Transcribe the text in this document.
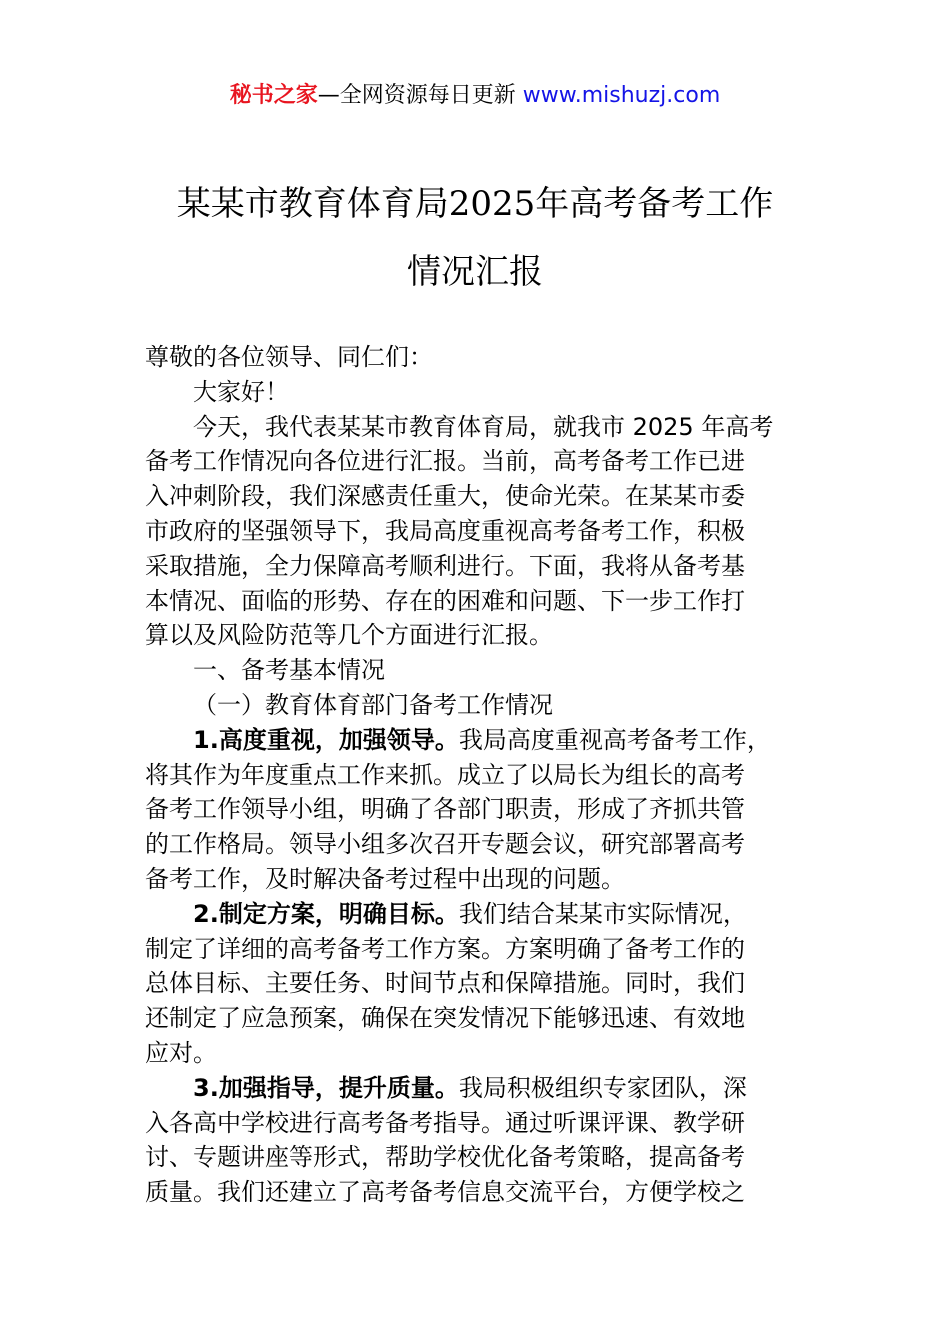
秘书之家—全网资源每日更新 www.mishuzj.com
某某市教育体育局2025年高考备考工作
情况汇报
尊敬的各位领导、同仁们：
大家好！
今天，我代表某某市教育体育局，就我市 2025 年高考
备考工作情况向各位进行汇报。当前，高考备考工作已进
入冲刺阶段，我们深感责任重大，使命光荣。在某某市委
市政府的坚强领导下，我局高度重视高考备考工作，积极
采取措施，全力保障高考顺利进行。下面，我将从备考基
本情况、面临的形势、存在的困难和问题、下一步工作打
算以及风险防范等几个方面进行汇报。
一、备考基本情况
（一）教育体育部门备考工作情况
1.高度重视，加强领导。我局高度重视高考备考工作，
将其作为年度重点工作来抓。成立了以局长为组长的高考
备考工作领导小组，明确了各部门职责，形成了齐抓共管
的工作格局。领导小组多次召开专题会议，研究部署高考
备考工作，及时解决备考过程中出现的问题。
2.制定方案，明确目标。我们结合某某市实际情况，
制定了详细的高考备考工作方案。方案明确了备考工作的
总体目标、主要任务、时间节点和保障措施。同时，我们
还制定了应急预案，确保在突发情况下能够迅速、有效地
应对。
3.加强指导，提升质量。我局积极组织专家团队，深
入各高中学校进行高考备考指导。通过听课评课、教学研
讨、专题讲座等形式，帮助学校优化备考策略，提高备考
质量。我们还建立了高考备考信息交流平台，方便学校之
